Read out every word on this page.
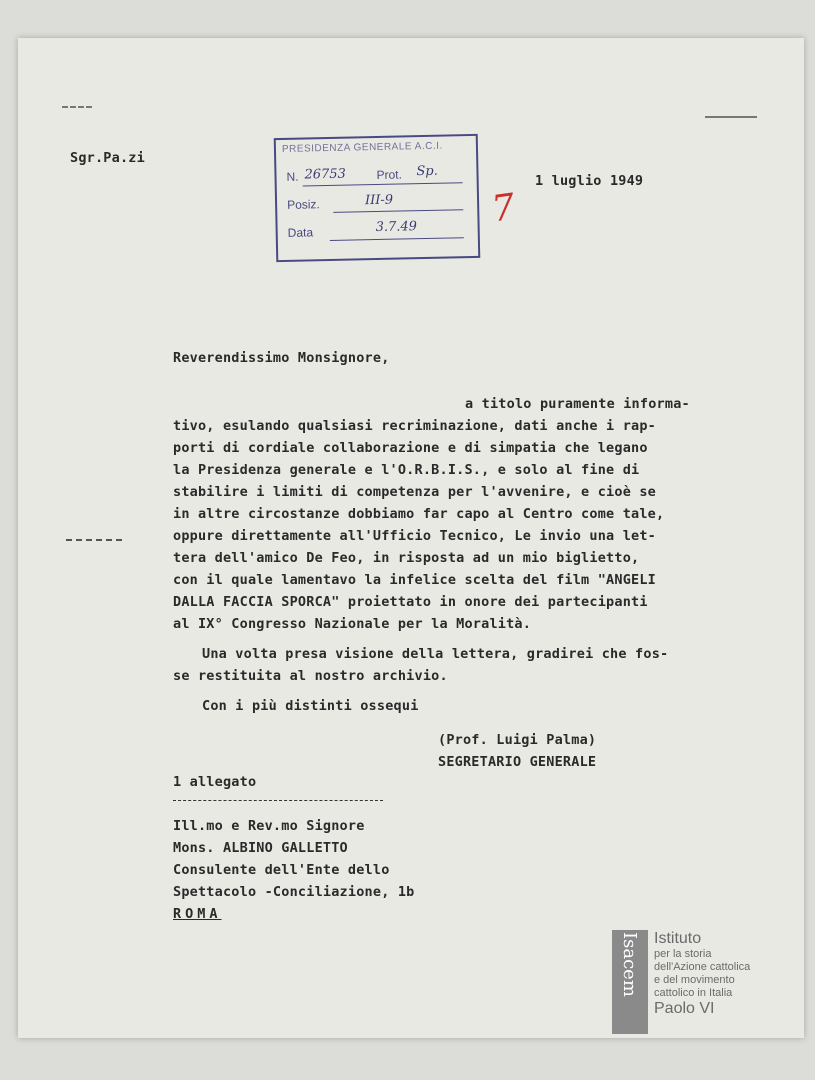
Sgr.Pa.zi
PRESIDENZA GENERALE A.C.I.
N. 26753	Prot. Sp.
Posiz.	III-9
Data	3.7.49 7
1 luglio 1949
Reverendissimo Monsignore,
a titolo puramente informa-
tivo, esulando qualsiasi recriminazione, dati anche i rap-
porti di cordiale collaborazione e di simpatia che legano
la Presidenza generale e l'O.R.B.I.S., e solo al fine di
stabilire i limiti di competenza per l'avvenire, e cioè se
in altre circostanze dobbiamo far capo al Centro come tale,
oppure direttamente all'Ufficio Tecnico, Le invio una let-
tera dell'amico De Feo, in risposta ad un mio biglietto,
con il quale lamentavo la infelice scelta del film "ANGELI
DALLA FACCIA SPORCA" proiettato in onore dei partecipanti
al IX° Congresso Nazionale per la Moralità.
Una volta presa visione della lettera, gradirei che fos-
se restituita al nostro archivio.
Con i più distinti ossequi
(Prof. Luigi Palma)
SEGRETARIO GENERALE
1 allegato
Ill.mo e Rev.mo Signore
Mons. ALBINO GALLETTO
Consulente dell'Ente dello
Spettacolo -Conciliazione, 1b
ROMA
Isacem Istituto
per la storia
dell'Azione cattolica
e del movimento
cattolico in Italia
Paolo VI
